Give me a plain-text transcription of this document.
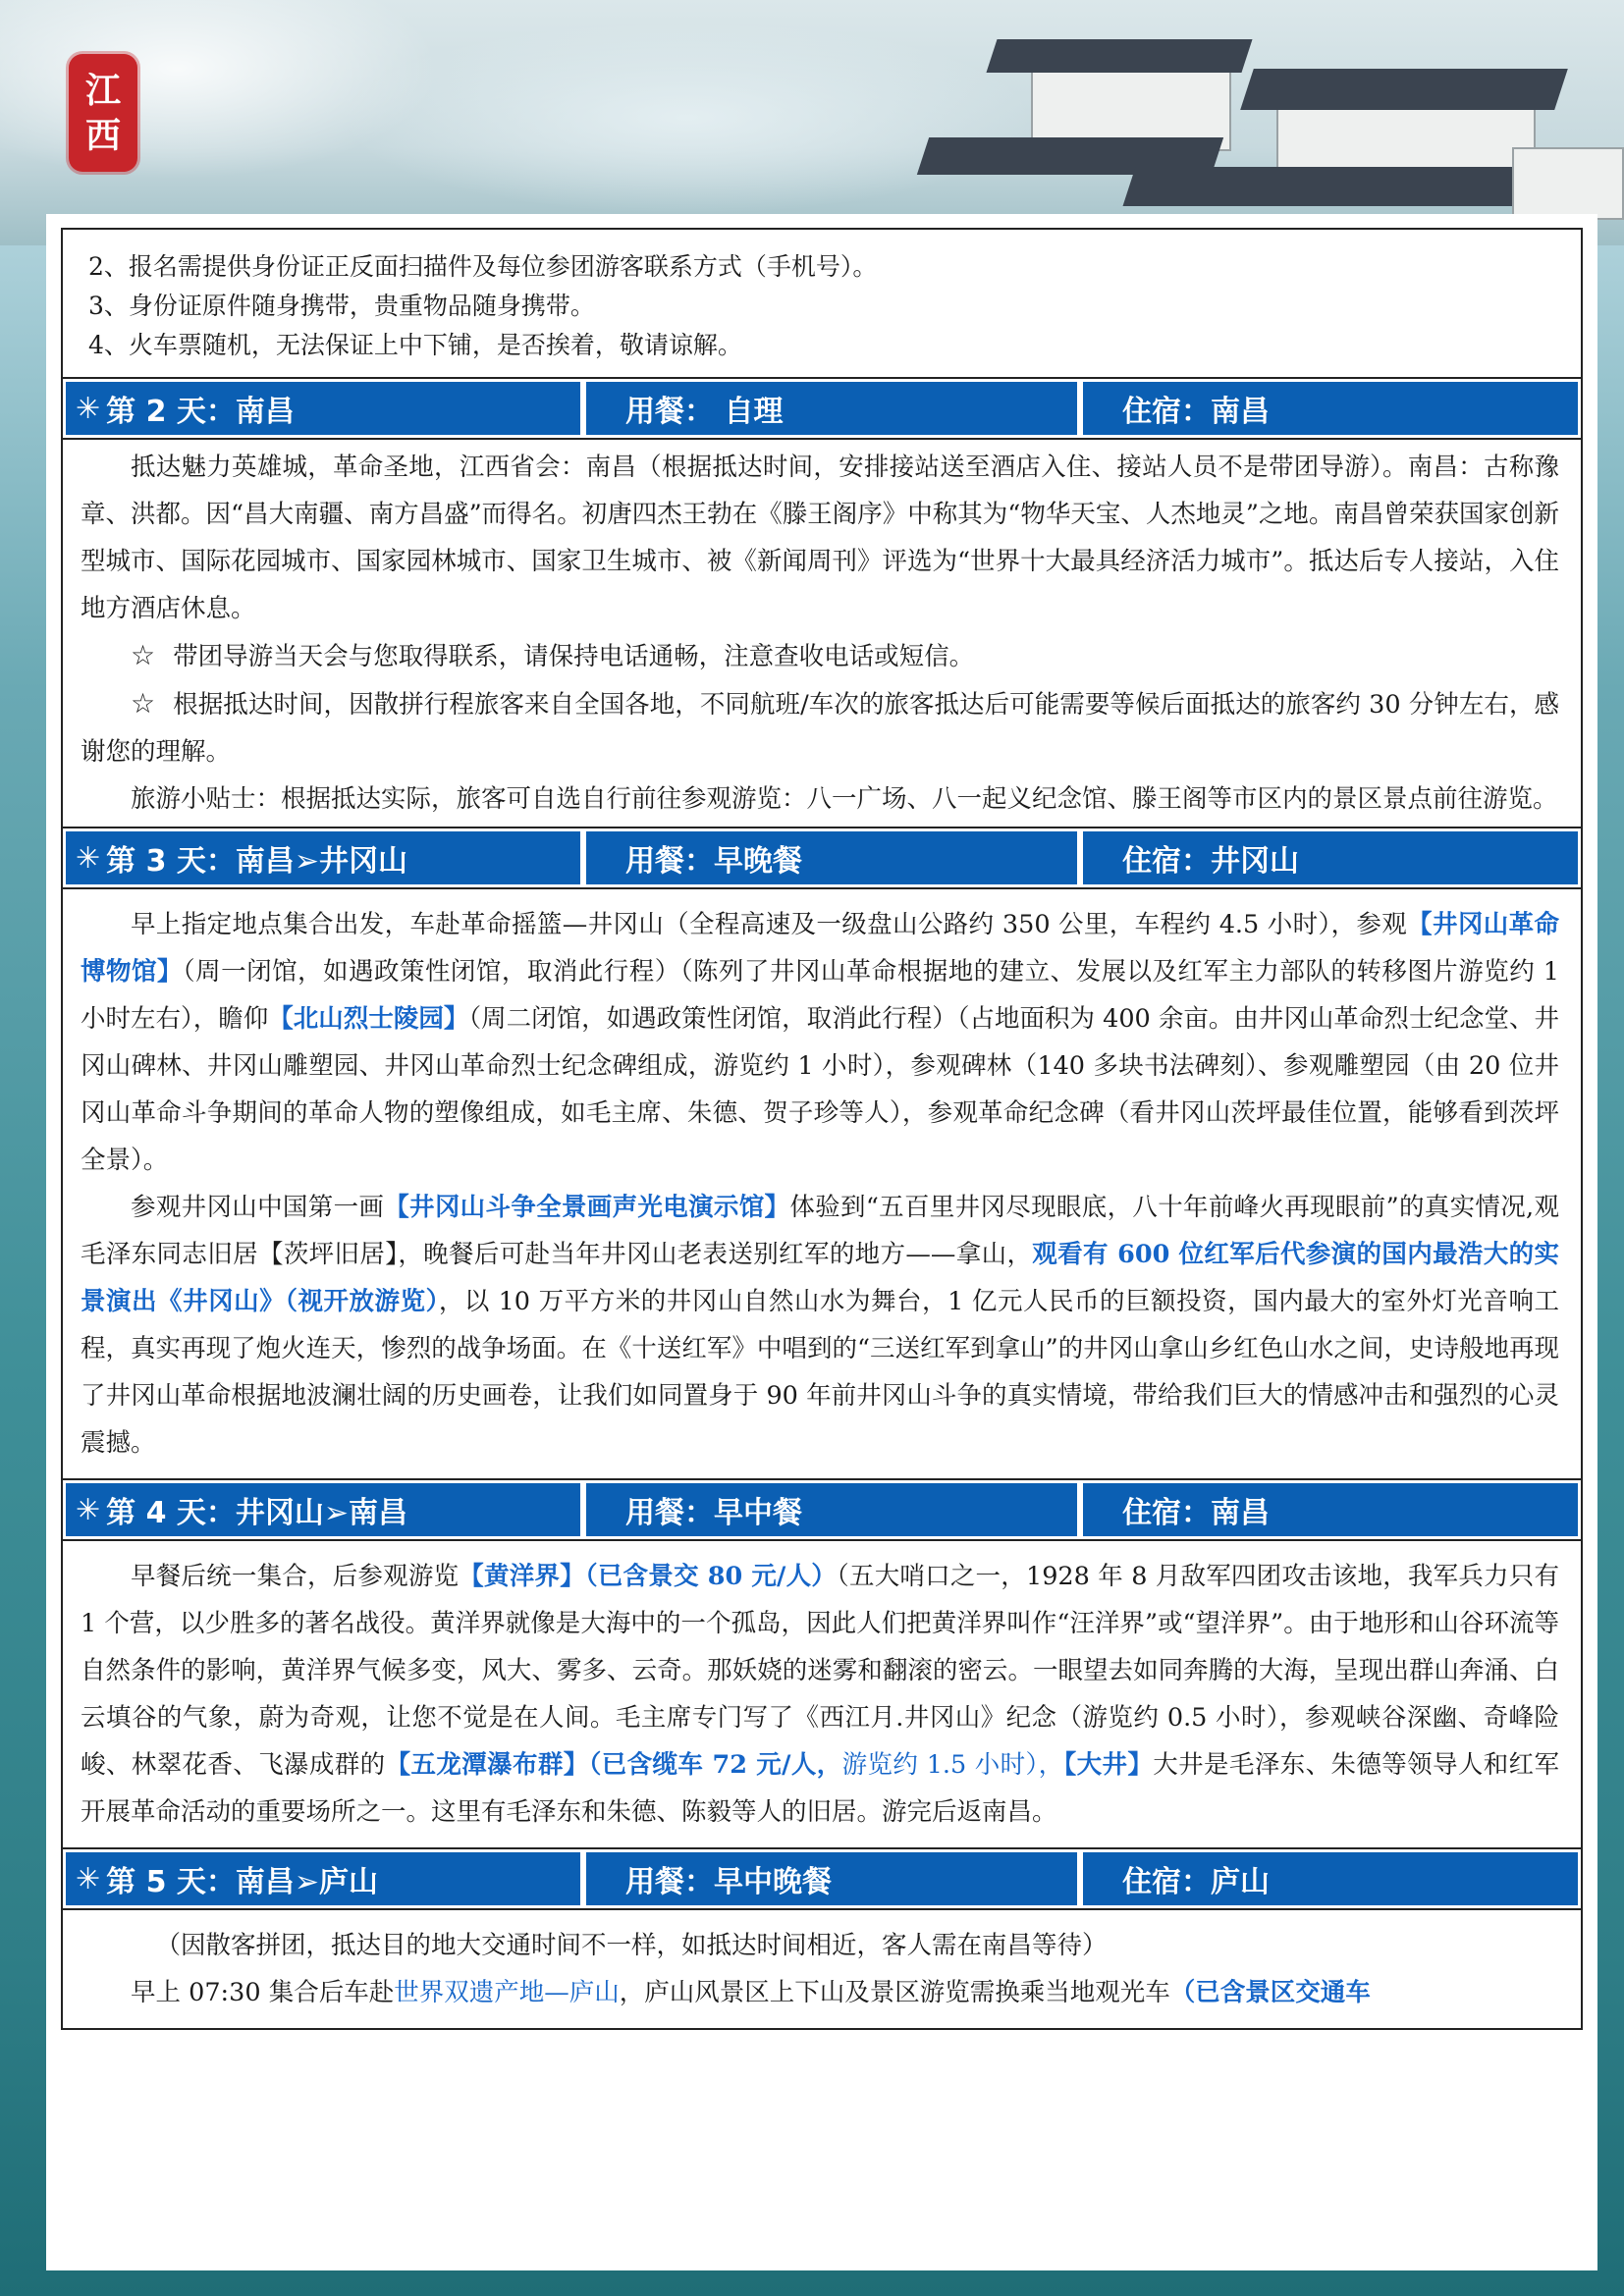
江
西

2、报名需提供身份证正反面扫描件及每位参团游客联系方式（手机号）。

3、身份证原件随身携带，贵重物品随身携带。

4、火车票随机，无法保证上中下铺，是否挨着，敬请谅解。

✳ 第 2 天：南昌	用餐： 自理	住宿：南昌

抵达魅力英雄城，革命圣地，江西省会：南昌（根据抵达时间，安排接站送至酒店入住、接站人员不是带团导游）。南昌：古称豫章、洪都。因“昌大南疆、南方昌盛”而得名。初唐四杰王勃在《滕王阁序》中称其为“物华天宝、人杰地灵”之地。南昌曾荣获国家创新型城市、国际花园城市、国家园林城市、国家卫生城市、被《新闻周刊》评选为“世界十大最具经济活力城市”。抵达后专人接站，入住地方酒店休息。

☆ 带团导游当天会与您取得联系，请保持电话通畅，注意查收电话或短信。

☆ 根据抵达时间，因散拼行程旅客来自全国各地，不同航班/车次的旅客抵达后可能需要等候后面抵达的旅客约 30 分钟左右，感谢您的理解。

旅游小贴士：根据抵达实际，旅客可自选自行前往参观游览：八一广场、八一起义纪念馆、滕王阁等市区内的景区景点前往游览。

✳ 第 3 天：南昌➢井冈山	用餐：早晚餐	住宿：井冈山

早上指定地点集合出发，车赴革命摇篮—井冈山（全程高速及一级盘山公路约 350 公里，车程约 4.5 小时），参观【井冈山革命博物馆】（周一闭馆，如遇政策性闭馆，取消此行程）（陈列了井冈山革命根据地的建立、发展以及红军主力部队的转移图片游览约 1 小时左右），瞻仰【北山烈士陵园】（周二闭馆，如遇政策性闭馆，取消此行程）（占地面积为 400 余亩。由井冈山革命烈士纪念堂、井冈山碑林、井冈山雕塑园、井冈山革命烈士纪念碑组成，游览约 1 小时），参观碑林（140 多块书法碑刻）、参观雕塑园（由 20 位井冈山革命斗争期间的革命人物的塑像组成，如毛主席、朱德、贺子珍等人），参观革命纪念碑（看井冈山茨坪最佳位置，能够看到茨坪全景）。

参观井冈山中国第一画【井冈山斗争全景画声光电演示馆】体验到“五百里井冈尽现眼底，八十年前峰火再现眼前”的真实情况,观毛泽东同志旧居【茨坪旧居】，晚餐后可赴当年井冈山老表送别红军的地方——拿山，观看有 600 位红军后代参演的国内最浩大的实景演出《井冈山》（视开放游览），以 10 万平方米的井冈山自然山水为舞台，1 亿元人民币的巨额投资，国内最大的室外灯光音响工程，真实再现了炮火连天，惨烈的战争场面。在《十送红军》中唱到的“三送红军到拿山”的井冈山拿山乡红色山水之间，史诗般地再现了井冈山革命根据地波澜壮阔的历史画卷，让我们如同置身于 90 年前井冈山斗争的真实情境，带给我们巨大的情感冲击和强烈的心灵震撼。

✳ 第 4 天：井冈山➢南昌	用餐：早中餐	住宿：南昌

早餐后统一集合，后参观游览【黄洋界】（已含景交 80 元/人）（五大哨口之一，1928 年 8 月敌军四团攻击该地，我军兵力只有 1 个营，以少胜多的著名战役。黄洋界就像是大海中的一个孤岛，因此人们把黄洋界叫作“汪洋界”或“望洋界”。由于地形和山谷环流等自然条件的影响，黄洋界气候多变，风大、雾多、云奇。那妖娆的迷雾和翻滚的密云。一眼望去如同奔腾的大海，呈现出群山奔涌、白云填谷的气象，蔚为奇观，让您不觉是在人间。毛主席专门写了《西江月.井冈山》纪念（游览约 0.5 小时），参观峡谷深幽、奇峰险峻、林翠花香、飞瀑成群的【五龙潭瀑布群】（已含缆车 72 元/人，游览约 1.5 小时），【大井】大井是毛泽东、朱德等领导人和红军开展革命活动的重要场所之一。这里有毛泽东和朱德、陈毅等人的旧居。游完后返南昌。

✳ 第 5 天：南昌➢庐山	用餐：早中晚餐	住宿：庐山

（因散客拼团，抵达目的地大交通时间不一样，如抵达时间相近，客人需在南昌等待）

早上 07:30 集合后车赴世界双遗产地—庐山，庐山风景区上下山及景区游览需换乘当地观光车（已含景区交通车
